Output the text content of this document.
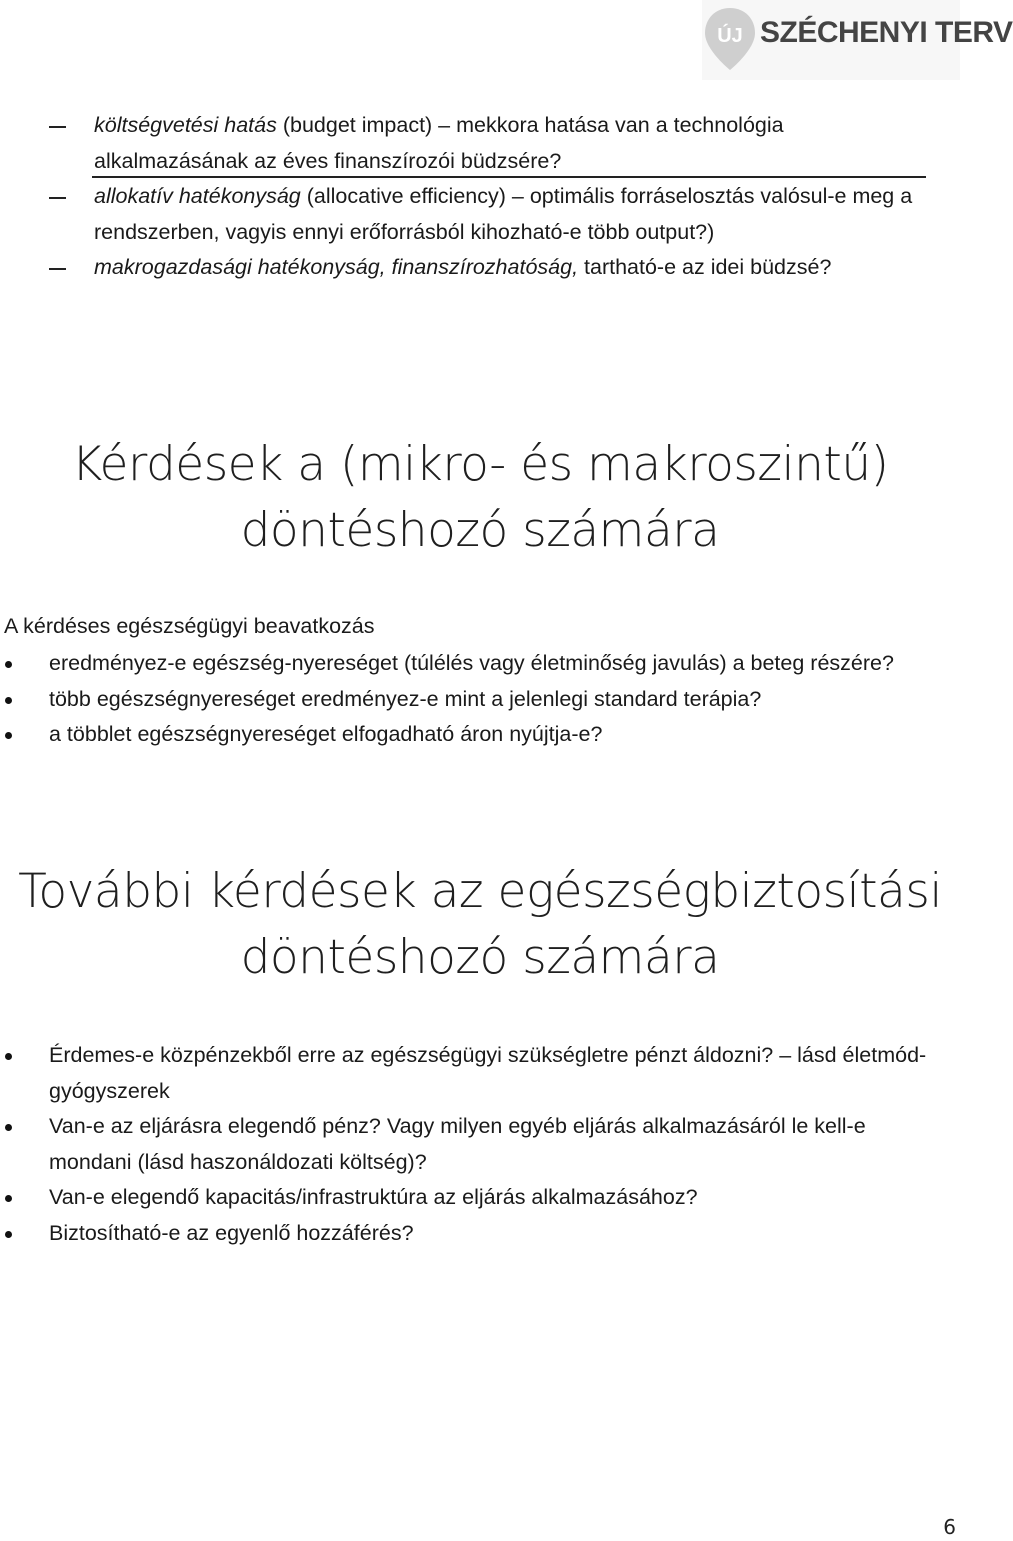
ÚJ SZÉCHENYI TERV
költségvetési hatás (budget impact) – mekkora hatása van a technológia alkalmazásának az éves finanszírozói büdzsére?
allokatív hatékonyság (allocative efficiency) – optimális forráselosztás valósul-e meg a rendszerben, vagyis ennyi erőforrásból kihozható-e több output?)
makrogazdasági hatékonyság, finanszírozhatóság, tartható-e az idei büdzsé?
Kérdések a (mikro- és makroszintű)
döntéshozó számára
A kérdéses egészségügyi beavatkozás
eredményez-e egészség-nyereséget (túlélés vagy életminőség javulás) a beteg részére?
több egészségnyereséget eredményez-e mint a jelenlegi standard terápia?
a többlet egészségnyereséget elfogadható áron nyújtja-e?
További kérdések az egészségbiztosítási
döntéshozó számára
Érdemes-e közpénzekből erre az egészségügyi szükségletre pénzt áldozni? – lásd életmód-gyógyszerek
Van-e az eljárásra elegendő pénz? Vagy milyen egyéb eljárás alkalmazásáról le kell-e mondani (lásd haszonáldozati költség)?
Van-e elegendő kapacitás/infrastruktúra az eljárás alkalmazásához?
Biztosítható-e az egyenlő hozzáférés?
6
